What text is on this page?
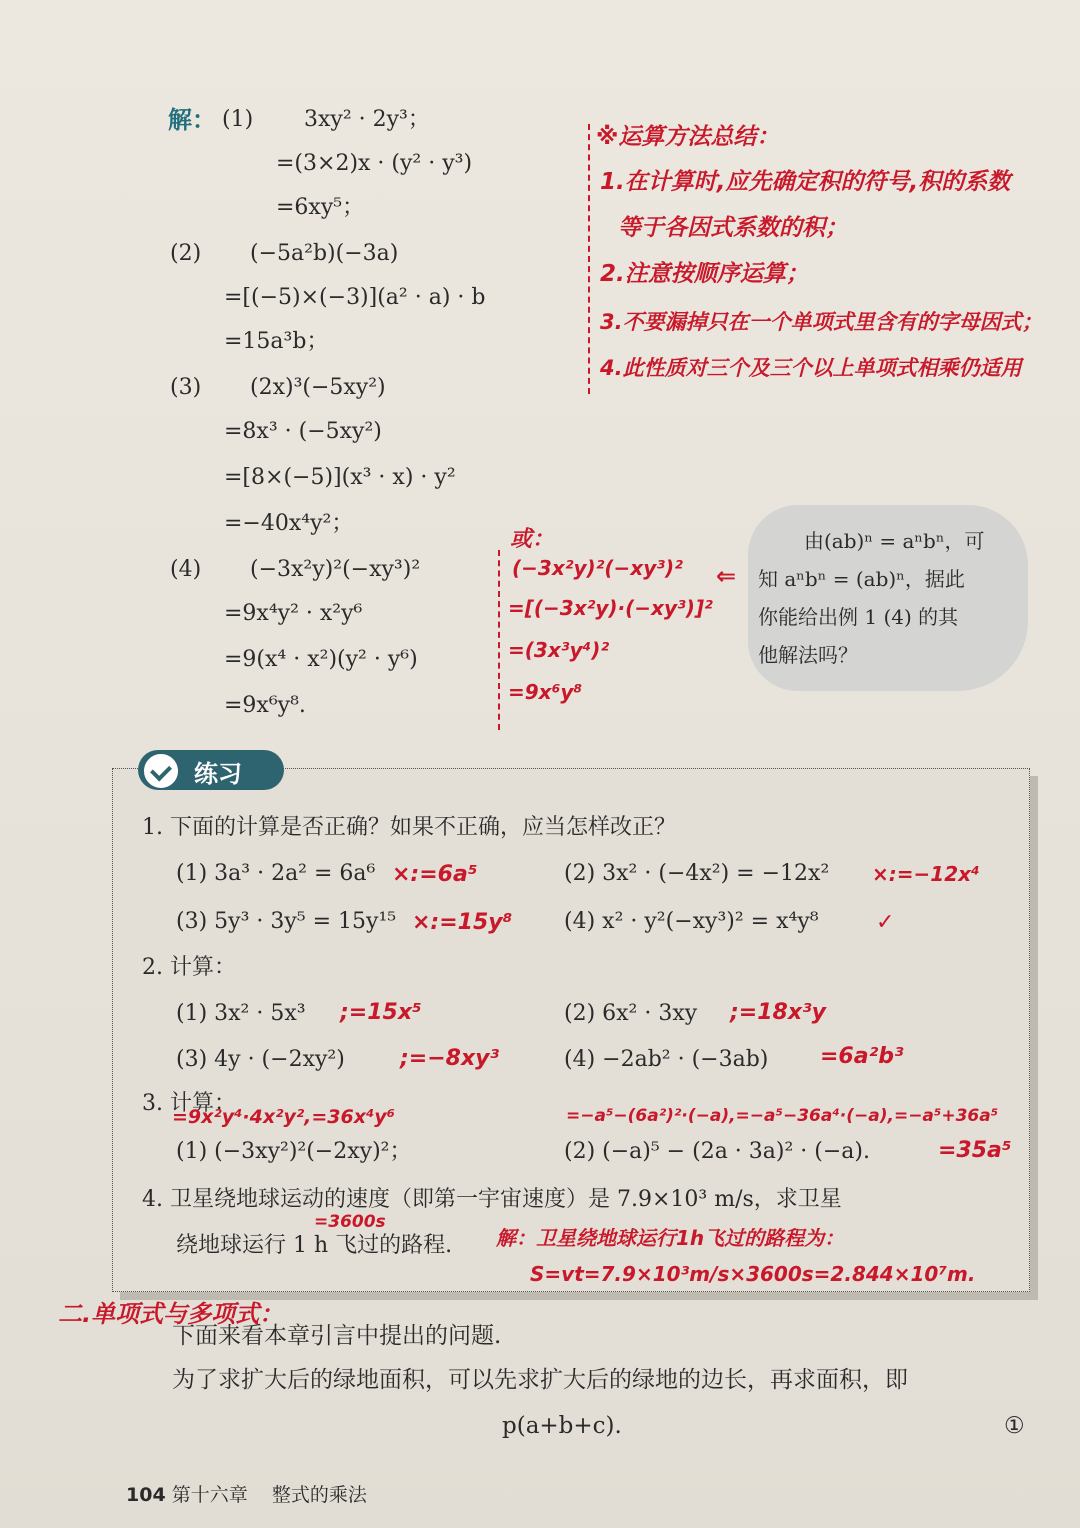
解： (1) 3xy² · 2y³；
=(3×2)x · (y² · y³)
=6xy⁵；
(2) (−5a²b)(−3a)
=[(−5)×(−3)](a² · a) · b
=15a³b；
(3) (2x)³(−5xy²)
=8x³ · (−5xy²)
=[8×(−5)](x³ · x) · y²
=−40x⁴y²；
(4) (−3x²y)²(−xy³)²
=9x⁴y² · x²y⁶
=9(x⁴ · x²)(y² · y⁶)
=9x⁶y⁸.
※运算方法总结：
1.在计算时,应先确定积的符号,积的系数
等于各因式系数的积；
2.注意按顺序运算；
3.不要漏掉只在一个单项式里含有的字母因式；
4.此性质对三个及三个以上单项式相乘仍适用
或：
(−3x²y)²(−xy³)²
=[(−3x²y)·(−xy³)]²
=(3x³y⁴)²
=9x⁶y⁸
⇐
由(ab)ⁿ = aⁿbⁿ，可
知 aⁿbⁿ = (ab)ⁿ，据此
你能给出例 1 (4) 的其
他解法吗？
练习
1. 下面的计算是否正确？如果不正确，应当怎样改正？
(1) 3a³ · 2a² = 6a⁶ ×:=6a⁵	(2) 3x² · (−4x²) = −12x² ×:=−12x⁴
(3) 5y³ · 3y⁵ = 15y¹⁵ ×:=15y⁸ (4) x² · y²(−xy³)² = x⁴y⁸	✓
2. 计算：
(1) 3x² · 5x³ ;=15x⁵	(2) 6x² · 3xy ;=18x³y
(3) 4y · (−2xy²)	;=−8xy³	(4) −2ab² · (−3ab) =6a²b³
3. 计算：
=9x²y⁴·4x²y²,=36x⁴y⁶
(1) (−3xy²)²(−2xy)²；
=−a⁵−(6a²)²·(−a),=−a⁵−36a⁴·(−a),=−a⁵+36a⁵
(2) (−a)⁵ − (2a · 3a)² · (−a).	=35a⁵
4. 卫星绕地球运动的速度（即第一宇宙速度）是 7.9×10³ m/s，求卫星
=3600s
绕地球运行 1 h 飞过的路程. 解：卫星绕地球运行1h飞过的路程为：
S=vt=7.9×10³m/s×3600s=2.844×10⁷m.
二.单项式与多项式：
下面来看本章引言中提出的问题.
为了求扩大后的绿地面积，可以先求扩大后的绿地的边长，再求面积，即
p(a+b+c).	①
104 第十六章 整式的乘法
